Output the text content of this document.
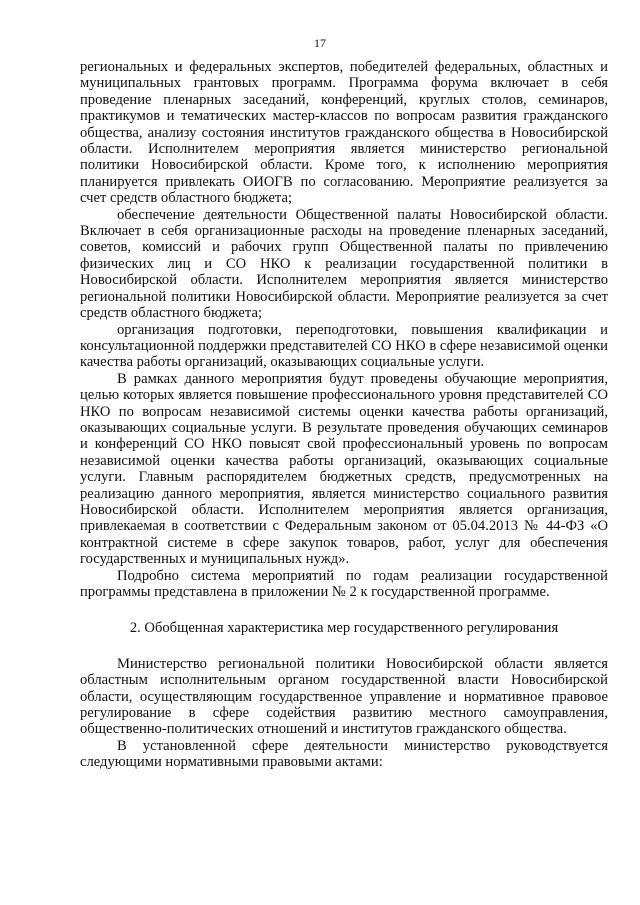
17

региональных и федеральных экспертов, победителей федеральных, областных и муниципальных грантовых программ. Программа форума включает в себя проведение пленарных заседаний, конференций, круглых столов, семинаров, практикумов и тематических мастер-классов по вопросам развития гражданского общества, анализу состояния институтов гражданского общества в Новосибирской области. Исполнителем мероприятия является министерство региональной политики Новосибирской области. Кроме того, к исполнению мероприятия планируется привлекать ОИОГВ по согласованию. Мероприятие реализуется за счет средств областного бюджета;

обеспечение деятельности Общественной палаты Новосибирской области. Включает в себя организационные расходы на проведение пленарных заседаний, советов, комиссий и рабочих групп Общественной палаты по привлечению физических лиц и СО НКО к реализации государственной политики в Новосибирской области. Исполнителем мероприятия является министерство региональной политики Новосибирской области. Мероприятие реализуется за счет средств областного бюджета;

организация подготовки, переподготовки, повышения квалификации и консультационной поддержки представителей СО НКО в сфере независимой оценки качества работы организаций, оказывающих социальные услуги.

В рамках данного мероприятия будут проведены обучающие мероприятия, целью которых является повышение профессионального уровня представителей СО НКО по вопросам независимой системы оценки качества работы организаций, оказывающих социальные услуги. В результате проведения обучающих семинаров и конференций СО НКО повысят свой профессиональный уровень по вопросам независимой оценки качества работы организаций, оказывающих социальные услуги. Главным распорядителем бюджетных средств, предусмотренных на реализацию данного мероприятия, является министерство социального развития Новосибирской области. Исполнителем мероприятия является организация, привлекаемая в соответствии с Федеральным законом от 05.04.2013 № 44-ФЗ «О контрактной системе в сфере закупок товаров, работ, услуг для обеспечения государственных и муниципальных нужд».

Подробно система мероприятий по годам реализации государственной программы представлена в приложении № 2 к государственной программе.

2. Обобщенная характеристика мер государственного регулирования

Министерство региональной политики Новосибирской области является областным исполнительным органом государственной власти Новосибирской области, осуществляющим государственное управление и нормативное правовое регулирование в сфере содействия развитию местного самоуправления, общественно-политических отношений и институтов гражданского общества.

В установленной сфере деятельности министерство руководствуется следующими нормативными правовыми актами:
